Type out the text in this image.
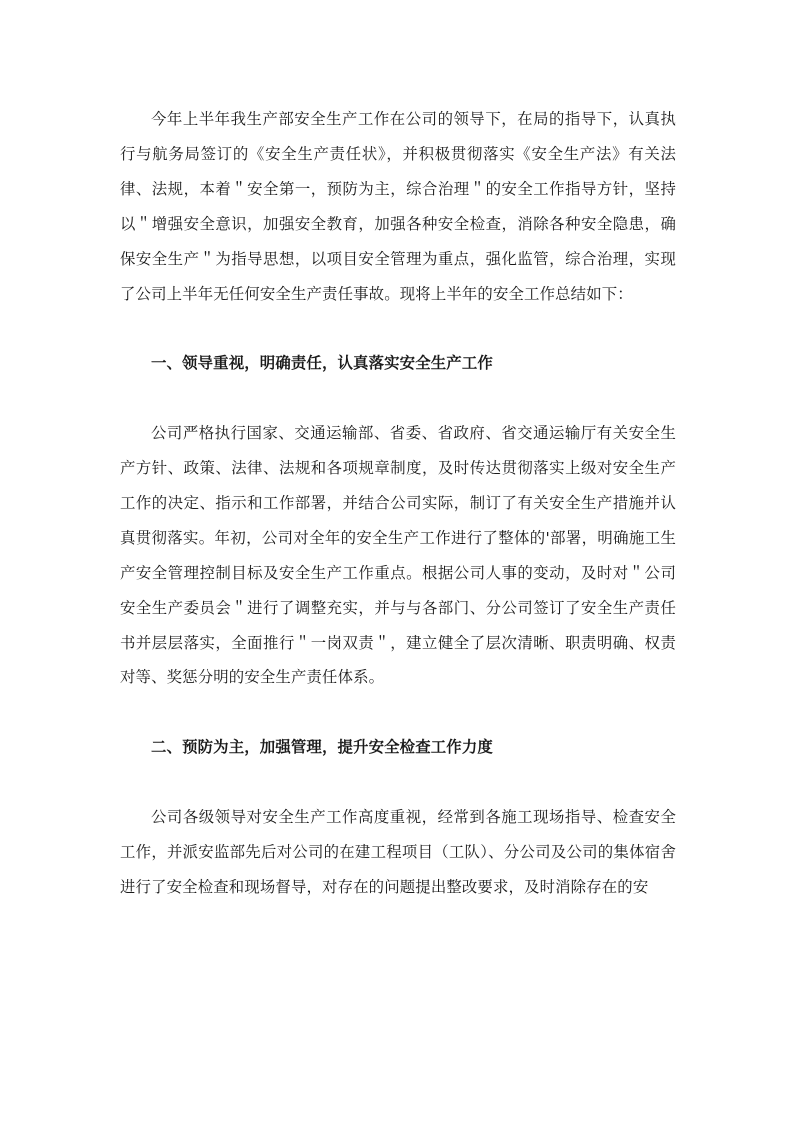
今年上半年我生产部安全生产工作在公司的领导下，在局的指导下，认真执行与航务局签订的《安全生产责任状》，并积极贯彻落实《安全生产法》有关法律、法规，本着＂安全第一，预防为主，综合治理＂的安全工作指导方针，坚持以＂增强安全意识，加强安全教育，加强各种安全检查，消除各种安全隐患，确保安全生产＂为指导思想，以项目安全管理为重点，强化监管，综合治理，实现了公司上半年无任何安全生产责任事故。现将上半年的安全工作总结如下：

一、领导重视，明确责任，认真落实安全生产工作

公司严格执行国家、交通运输部、省委、省政府、省交通运输厅有关安全生产方针、政策、法律、法规和各项规章制度，及时传达贯彻落实上级对安全生产工作的决定、指示和工作部署，并结合公司实际，制订了有关安全生产措施并认真贯彻落实。年初，公司对全年的安全生产工作进行了整体的'部署，明确施工生产安全管理控制目标及安全生产工作重点。根据公司人事的变动，及时对＂公司安全生产委员会＂进行了调整充实，并与与各部门、分公司签订了安全生产责任书并层层落实，全面推行＂一岗双责＂，建立健全了层次清晰、职责明确、权责对等、奖惩分明的安全生产责任体系。

二、预防为主，加强管理，提升安全检查工作力度

公司各级领导对安全生产工作高度重视，经常到各施工现场指导、检查安全工作，并派安监部先后对公司的在建工程项目（工队）、分公司及公司的集体宿舍进行了安全检查和现场督导，对存在的问题提出整改要求，及时消除存在的安
